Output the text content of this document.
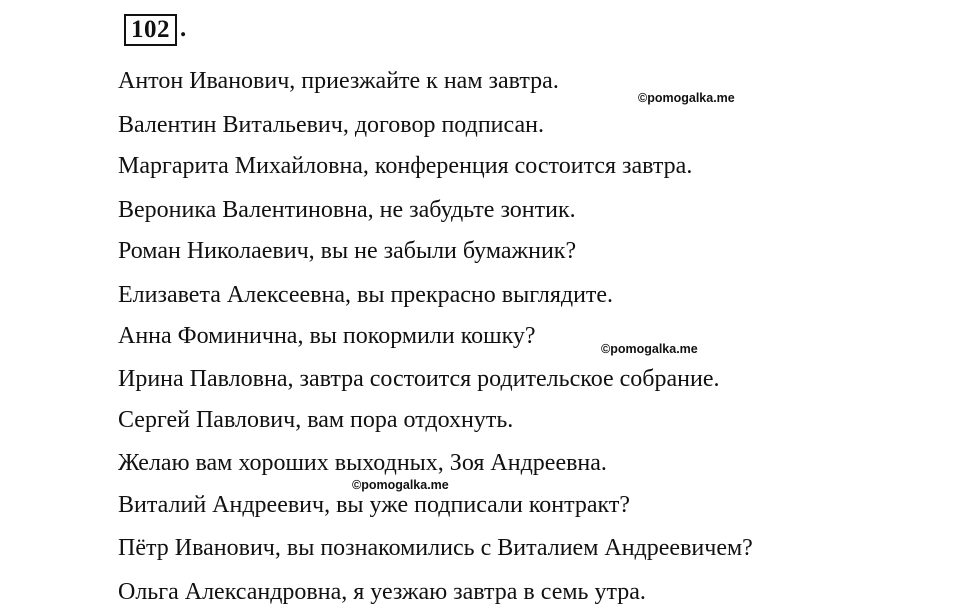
102 .
Антон Иванович, приезжайте к нам завтра.
Валентин Витальевич, договор подписан.
Маргарита Михайловна, конференция состоится завтра.
Вероника Валентиновна, не забудьте зонтик.
Роман Николаевич, вы не забыли бумажник?
Елизавета Алексеевна, вы прекрасно выглядите.
Анна Фоминична, вы покормили кошку?
Ирина Павловна, завтра состоится родительское собрание.
Сергей Павлович, вам пора отдохнуть.
Желаю вам хороших выходных, Зоя Андреевна.
Виталий Андреевич, вы уже подписали контракт?
Пётр Иванович, вы познакомились с Виталием Андреевичем?
Ольга Александровна, я уезжаю завтра в семь утра.
©pomogalka.me
©pomogalka.me
©pomogalka.me
